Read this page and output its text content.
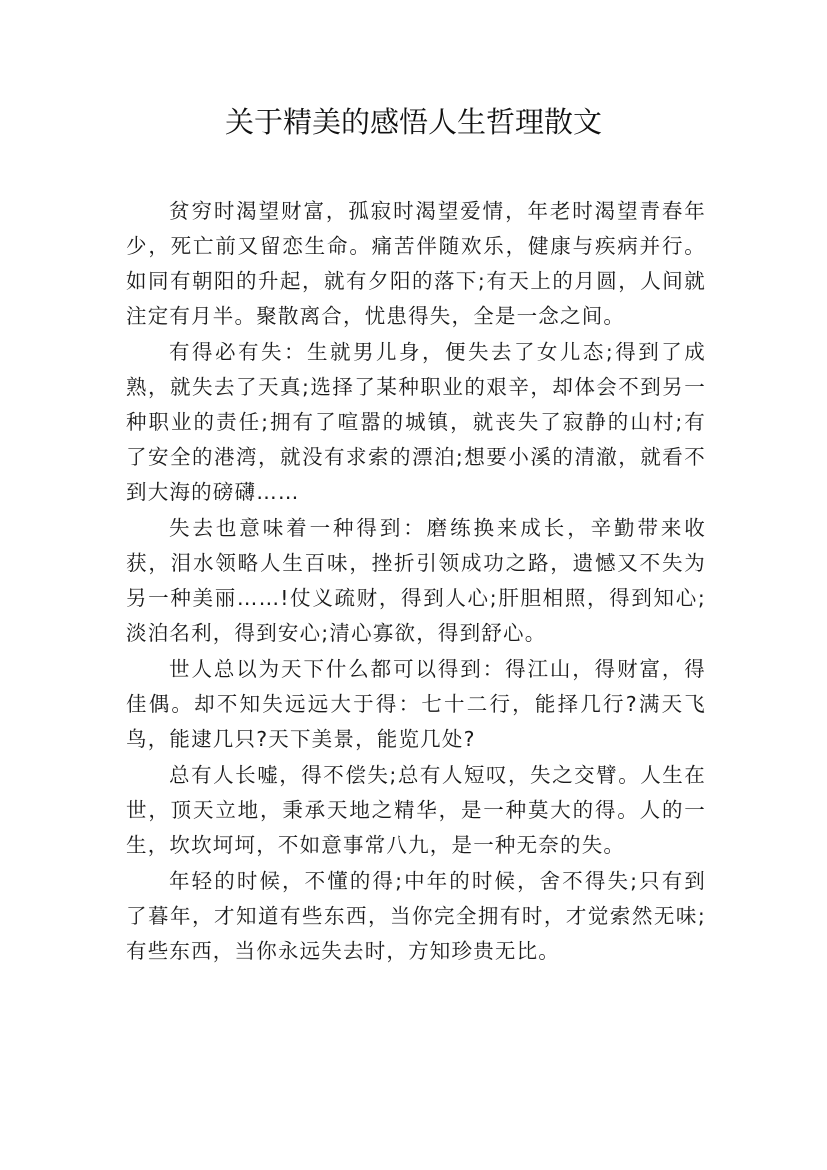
关于精美的感悟人生哲理散文

贫穷时渴望财富，孤寂时渴望爱情，年老时渴望青春年少，死亡前又留恋生命。痛苦伴随欢乐，健康与疾病并行。如同有朝阳的升起，就有夕阳的落下;有天上的月圆，人间就注定有月半。聚散离合，忧患得失，全是一念之间。

有得必有失：生就男儿身，便失去了女儿态;得到了成熟，就失去了天真;选择了某种职业的艰辛，却体会不到另一种职业的责任;拥有了喧嚣的城镇，就丧失了寂静的山村;有了安全的港湾，就没有求索的漂泊;想要小溪的清澈，就看不到大海的磅礴……

失去也意味着一种得到：磨练换来成长，辛勤带来收获，泪水领略人生百味，挫折引领成功之路，遗憾又不失为另一种美丽……!仗义疏财，得到人心;肝胆相照，得到知心;淡泊名利，得到安心;清心寡欲，得到舒心。

世人总以为天下什么都可以得到：得江山，得财富，得佳偶。却不知失远远大于得：七十二行，能择几行?满天飞鸟，能逮几只?天下美景，能览几处?

总有人长嘘，得不偿失;总有人短叹，失之交臂。人生在世，顶天立地，秉承天地之精华，是一种莫大的得。人的一生，坎坎坷坷，不如意事常八九，是一种无奈的失。

年轻的时候，不懂的得;中年的时候，舍不得失;只有到了暮年，才知道有些东西，当你完全拥有时，才觉索然无味;有些东西，当你永远失去时，方知珍贵无比。
